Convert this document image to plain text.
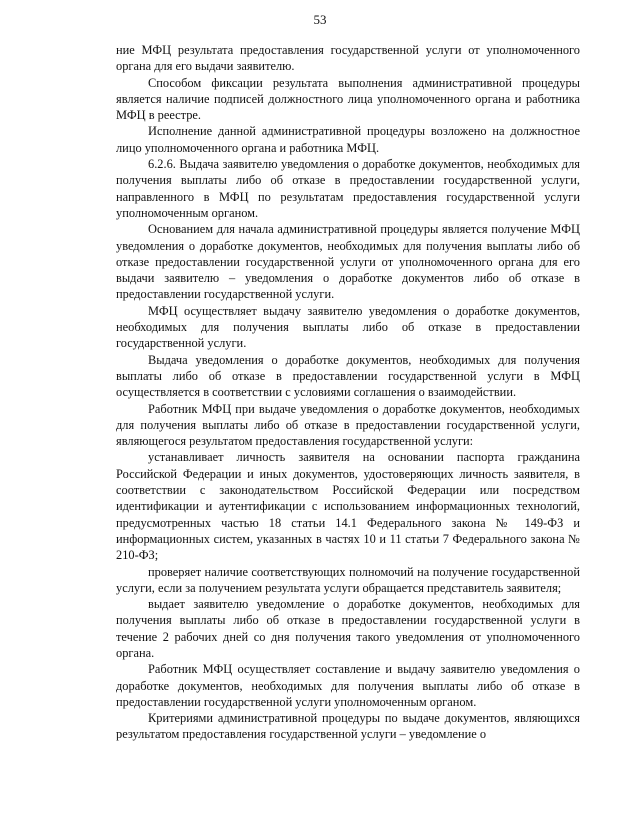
53

ние МФЦ результата предоставления государственной услуги от уполномоченного органа для его выдачи заявителю.

Способом фиксации результата выполнения административной процедуры является наличие подписей должностного лица уполномоченного органа и работника МФЦ в реестре.

Исполнение данной административной процедуры возложено на должностное лицо уполномоченного органа и работника МФЦ.

6.2.6. Выдача заявителю уведомления о доработке документов, необходимых для получения выплаты либо об отказе в предоставлении государственной услуги, направленного в МФЦ по результатам предоставления государственной услуги уполномоченным органом.

Основанием для начала административной процедуры является получение МФЦ уведомления о доработке документов, необходимых для получения выплаты либо об отказе предоставлении государственной услуги от уполномоченного органа для его выдачи заявителю – уведомления о доработке документов либо об отказе в предоставлении государственной услуги.

МФЦ осуществляет выдачу заявителю уведомления о доработке документов, необходимых для получения выплаты либо об отказе в предоставлении государственной услуги.

Выдача уведомления о доработке документов, необходимых для получения выплаты либо об отказе в предоставлении государственной услуги в МФЦ осуществляется в соответствии с условиями соглашения о взаимодействии.

Работник МФЦ при выдаче уведомления о доработке документов, необходимых для получения выплаты либо об отказе в предоставлении государственной услуги, являющегося результатом предоставления государственной услуги:

устанавливает личность заявителя на основании паспорта гражданина Российской Федерации и иных документов, удостоверяющих личность заявителя, в соответствии с законодательством Российской Федерации или посредством идентификации и аутентификации с использованием информационных технологий, предусмотренных частью 18 статьи 14.1 Федерального закона № 149-ФЗ и информационных систем, указанных в частях 10 и 11 статьи 7 Федерального закона № 210-ФЗ;

проверяет наличие соответствующих полномочий на получение государственной услуги, если за получением результата услуги обращается представитель заявителя;

выдает заявителю уведомление о доработке документов, необходимых для получения выплаты либо об отказе в предоставлении государственной услуги в течение 2 рабочих дней со дня получения такого уведомления от уполномоченного органа.

Работник МФЦ осуществляет составление и выдачу заявителю уведомления о доработке документов, необходимых для получения выплаты либо об отказе в предоставлении государственной услуги уполномоченным органом.

Критериями административной процедуры по выдаче документов, являющихся результатом предоставления государственной услуги – уведомление о
